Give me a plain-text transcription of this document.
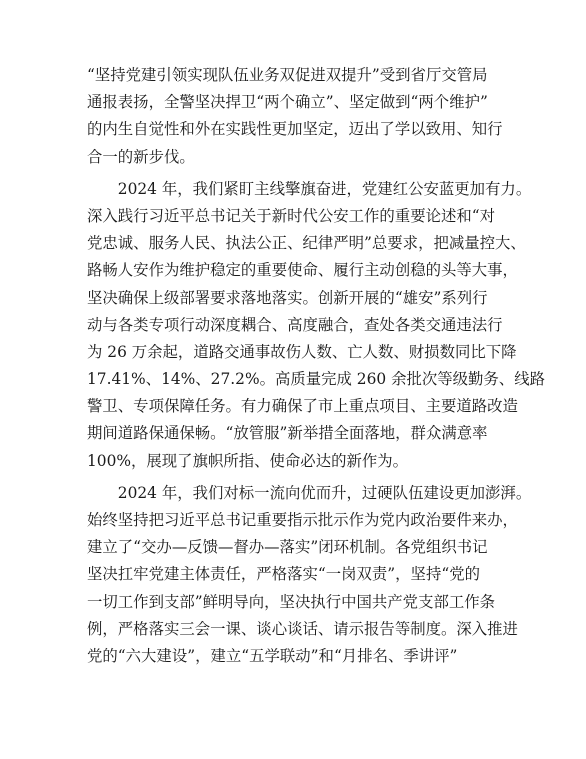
“坚持党建引领实现队伍业务双促进双提升”受到省厅交管局
通报表扬，全警坚决捍卫“两个确立”、坚定做到“两个维护”
的内生自觉性和外在实践性更加坚定，迈出了学以致用、知行
合一的新步伐。
　　2024 年，我们紧盯主线擎旗奋进，党建红公安蓝更加有力。
深入践行习近平总书记关于新时代公安工作的重要论述和“对
党忠诚、服务人民、执法公正、纪律严明”总要求，把减量控大、
路畅人安作为维护稳定的重要使命、履行主动创稳的头等大事，
坚决确保上级部署要求落地落实。创新开展的“雄安”系列行
动与各类专项行动深度耦合、高度融合，查处各类交通违法行
为 26 万余起，道路交通事故伤人数、亡人数、财损数同比下降
17.41%、14%、27.2%。高质量完成 260 余批次等级勤务、线路
警卫、专项保障任务。有力确保了市上重点项目、主要道路改造
期间道路保通保畅。“放管服”新举措全面落地，群众满意率
100%，展现了旗帜所指、使命必达的新作为。
　　2024 年，我们对标一流向优而升，过硬队伍建设更加澎湃。
始终坚持把习近平总书记重要指示批示作为党内政治要件来办，
建立了“交办—反馈—督办—落实”闭环机制。各党组织书记
坚决扛牢党建主体责任，严格落实“一岗双责”，坚持“党的
一切工作到支部”鲜明导向，坚决执行中国共产党支部工作条
例，严格落实三会一课、谈心谈话、请示报告等制度。深入推进
党的“六大建设”，建立“五学联动”和“月排名、季讲评”
